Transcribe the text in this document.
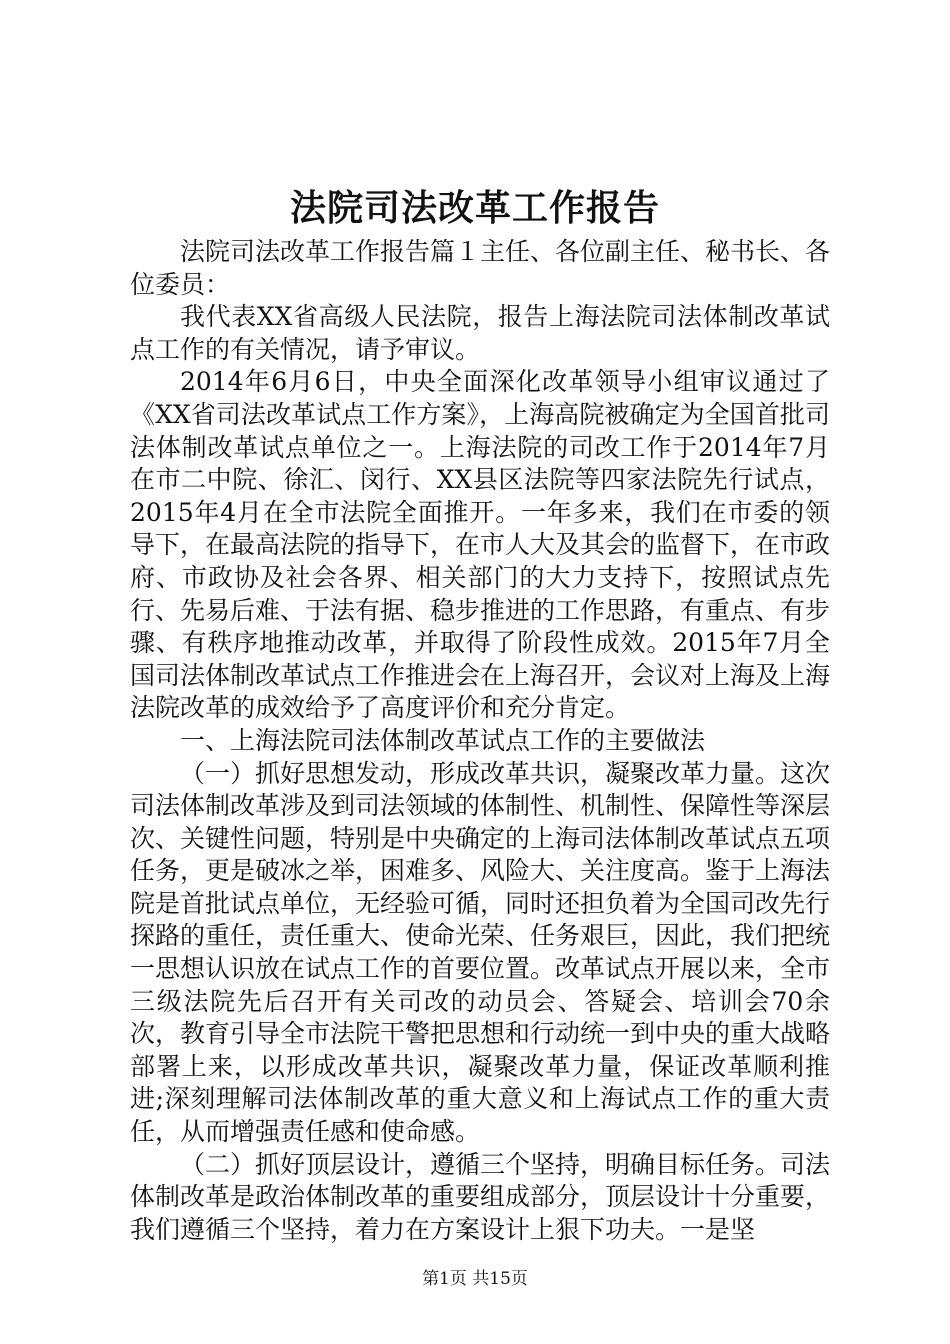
法院司法改革工作报告

法院司法改革工作报告篇１主任、各位副主任、秘书长、各位委员：

我代表XX省高级人民法院，报告上海法院司法体制改革试点工作的有关情况，请予审议。

2014年6月6日，中央全面深化改革领导小组审议通过了《XX省司法改革试点工作方案》，上海高院被确定为全国首批司法体制改革试点单位之一。上海法院的司改工作于2014年7月在市二中院、徐汇、闵行、XX县区法院等四家法院先行试点，2015年4月在全市法院全面推开。一年多来，我们在市委的领导下，在最高法院的指导下，在市人大及其会的监督下，在市政府、市政协及社会各界、相关部门的大力支持下，按照试点先行、先易后难、于法有据、稳步推进的工作思路，有重点、有步骤、有秩序地推动改革，并取得了阶段性成效。2015年7月全国司法体制改革试点工作推进会在上海召开，会议对上海及上海法院改革的成效给予了高度评价和充分肯定。

一、上海法院司法体制改革试点工作的主要做法

（一）抓好思想发动，形成改革共识，凝聚改革力量。这次司法体制改革涉及到司法领域的体制性、机制性、保障性等深层次、关键性问题，特别是中央确定的上海司法体制改革试点五项任务，更是破冰之举，困难多、风险大、关注度高。鉴于上海法院是首批试点单位，无经验可循，同时还担负着为全国司改先行探路的重任，责任重大、使命光荣、任务艰巨，因此，我们把统一思想认识放在试点工作的首要位置。改革试点开展以来，全市三级法院先后召开有关司改的动员会、答疑会、培训会70余次，教育引导全市法院干警把思想和行动统一到中央的重大战略部署上来，以形成改革共识，凝聚改革力量，保证改革顺利推进;深刻理解司法体制改革的重大意义和上海试点工作的重大责任，从而增强责任感和使命感。

（二）抓好顶层设计，遵循三个坚持，明确目标任务。司法体制改革是政治体制改革的重要组成部分，顶层设计十分重要，我们遵循三个坚持，着力在方案设计上狠下功夫。一是坚

第1页 共15页
